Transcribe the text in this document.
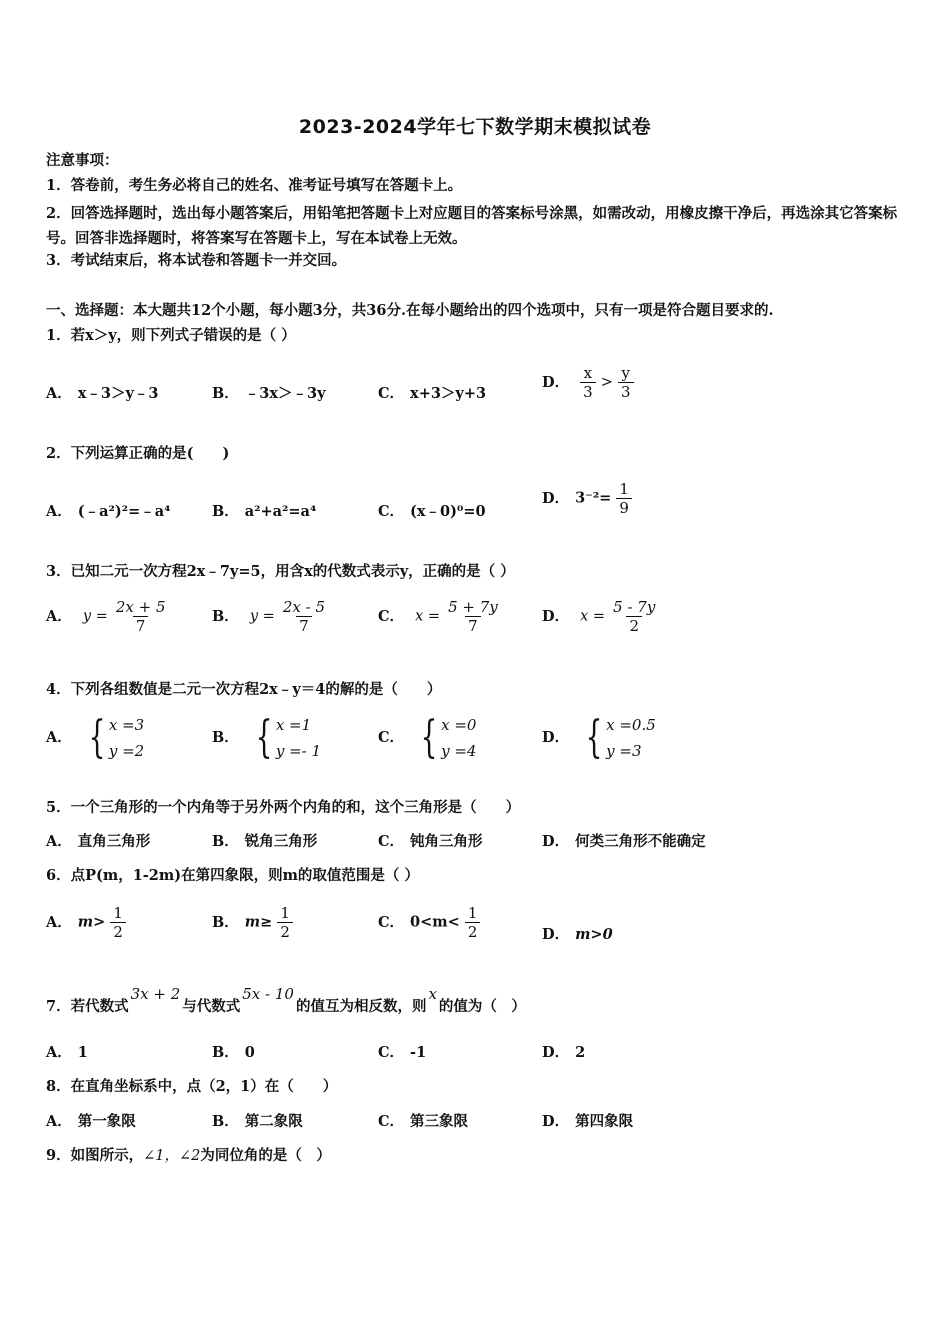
2023-2024学年七下数学期末模拟试卷
注意事项：
1．答卷前，考生务必将自己的姓名、准考证号填写在答题卡上。
2．回答选择题时，选出每小题答案后，用铅笔把答题卡上对应题目的答案标号涂黑，如需改动，用橡皮擦干净后，再选涂其它答案标号。回答非选择题时，将答案写在答题卡上，写在本试卷上无效。
3．考试结束后，将本试卷和答题卡一并交回。
一、选择题：本大题共12个小题，每小题3分，共36分.在每小题给出的四个选项中，只有一项是符合题目要求的.
1．若x＞y，则下列式子错误的是（ ）
A． x﹣3＞y﹣3	B． ﹣3x＞﹣3y	C． x+3＞y+3
D． $\frac{x}{3} > \frac{y}{3}$
2．下列运算正确的是(　　)
A． (﹣a²)²=﹣a⁴	B． a²+a²=a⁴	C． (x﹣0)⁰=0
D． $3^{-2}= \frac{1}{9}$
3．已知二元一次方程2x﹣7y=5，用含x的代数式表示y，正确的是（ ）
A． $y = \frac{2x + 5}{7}$	B． $y = \frac{2x - 5}{7}$	C． $x = \frac{5 + 7y}{7}$	D． $x = \frac{5 - 7y}{2}$
4．下列各组数值是二元一次方程2x﹣y＝4的解的是（　　）
A． { x =3
y =2
B． { x =1
y =- 1
C． { x =0
y =4
D． { x =0.5
y =3
5．一个三角形的一个内角等于另外两个内角的和，这个三角形是（　　）
A． 直角三角形	B． 锐角三角形	C． 钝角三角形	D． 何类三角形不能确定
6．点P(m，1-2m)在第四象限，则m的取值范围是（ ）
A． $m> \frac{1}{2}$	B． $m\ge \frac{1}{2}$	C． $0<m< \frac{1}{2}$	D． m>0
7．若代数式3x + 2与代数式5x - 10的值互为相反数，则x的值为（　）
A． 1	B． 0	C． -1	D． 2
8．在直角坐标系中，点（2，1）在（　　）
A． 第一象限	B． 第二象限	C． 第三象限	D． 第四象限
9．如图所示，∠1，∠2为同位角的是（　）
